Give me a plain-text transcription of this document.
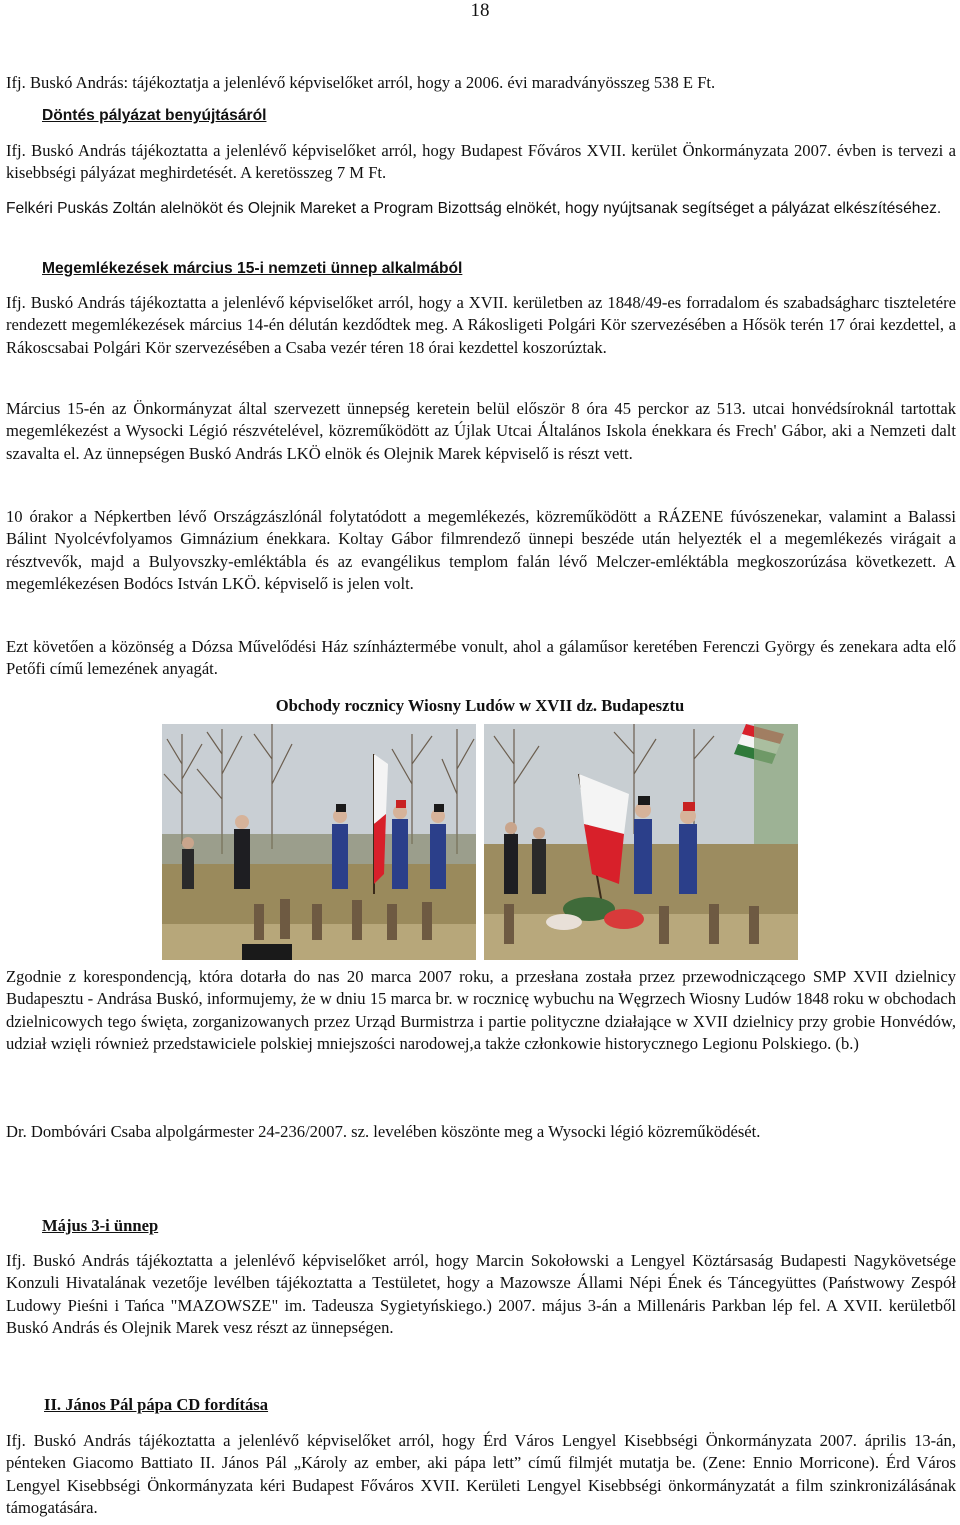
18
Ifj. Buskó András: tájékoztatja a jelenlévő képviselőket arról, hogy a 2006. évi maradványösszeg 538 E Ft.
Döntés pályázat benyújtásáról
Ifj. Buskó András tájékoztatta a jelenlévő képviselőket arról, hogy Budapest Főváros XVII. kerület Önkormányzata 2007. évben is tervezi a kisebbségi pályázat meghirdetését. A keretösszeg 7 M Ft.
Felkéri Puskás Zoltán alelnököt és Olejnik Mareket a Program Bizottság elnökét, hogy nyújtsanak segítséget a pályázat elkészítéséhez.
Megemlékezések március 15-i nemzeti ünnep alkalmából
Ifj. Buskó András tájékoztatta a jelenlévő képviselőket arról, hogy a XVII. kerületben az 1848/49-es forradalom és szabadságharc tiszteletére rendezett megemlékezések március 14-én délután kezdődtek meg. A Rákosligeti Polgári Kör szervezésében a Hősök terén 17 órai kezdettel, a Rákoscsabai Polgári Kör szervezésében a Csaba vezér téren 18 órai kezdettel koszorúztak.
Március 15-én az Önkormányzat által szervezett ünnepség keretein belül először 8 óra 45 perckor az 513. utcai honvédsíroknál tartottak megemlékezést a Wysocki Légió részvételével, közreműködött az Újlak Utcai Általános Iskola énekkara és Frech' Gábor, aki a Nemzeti dalt szavalta el. Az ünnepségen Buskó András LKÖ elnök és Olejnik Marek képviselő is részt vett.
10 órakor a Népkertben lévő Országzászlónál folytatódott a megemlékezés, közreműködött a RÁZENE fúvószenekar, valamint a Balassi Bálint Nyolcévfolyamos Gimnázium énekkara. Koltay Gábor filmrendező ünnepi beszéde után helyezték el a megemlékezés virágait a résztvevők, majd a Bulyovszky-emléktábla és az evangélikus templom falán lévő Melczer-emléktábla megkoszorúzása következett. A megemlékezésen Bodócs István LKÖ. képviselő is jelen volt.
Ezt követően a közönség a Dózsa Művelődési Ház színháztermébe vonult, ahol a gálaműsor keretében Ferenczi György és zenekara adta elő Petőfi című lemezének anyagát.
Obchody rocznicy Wiosny Ludów w XVII dz. Budapesztu
Zgodnie z korespondencją, która dotarła do nas 20 marca 2007 roku, a przesłana została przez przewodniczącego SMP XVII dzielnicy Budapesztu - Andrása Buskó, informujemy, że w dniu 15 marca br. w rocznicę wybuchu na Węgrzech Wiosny Ludów 1848 roku w obchodach dzielnicowych tego święta, zorganizowanych przez Urząd Burmistrza i partie polityczne działające w XVII dzielnicy przy grobie Honvédów, udział wzięli również przedstawiciele polskiej mniejszości narodowej,a także członkowie historycznego Legionu Polskiego. (b.)
Dr. Dombóvári Csaba alpolgármester 24-236/2007. sz. levelében köszönte meg a Wysocki légió közreműködését.
Május 3-i ünnep
Ifj. Buskó András tájékoztatta a jelenlévő képviselőket arról, hogy Marcin Sokołowski a Lengyel Köztársaság Budapesti Nagykövetsége Konzuli Hivatalának vezetője levélben tájékoztatta a Testületet, hogy a Mazowsze Állami Népi Ének és Táncegyüttes (Państwowy Zespół Ludowy Pieśni i Tańca "MAZOWSZE" im. Tadeusza Sygietyńskiego.) 2007. május 3-án a Millenáris Parkban lép fel. A XVII. kerületből Buskó András és Olejnik Marek vesz részt az ünnepségen.
II. János Pál pápa CD fordítása
Ifj. Buskó András tájékoztatta a jelenlévő képviselőket arról, hogy Érd Város Lengyel Kisebbségi Önkormányzata 2007. április 13-án, pénteken Giacomo Battiato II. János Pál „Károly az ember, aki pápa lett” című filmjét mutatja be. (Zene: Ennio Morricone). Érd Város Lengyel Kisebbségi Önkormányzata kéri Budapest Főváros XVII. Kerületi Lengyel Kisebbségi önkormányzatát a film szinkronizálásának támogatására.
